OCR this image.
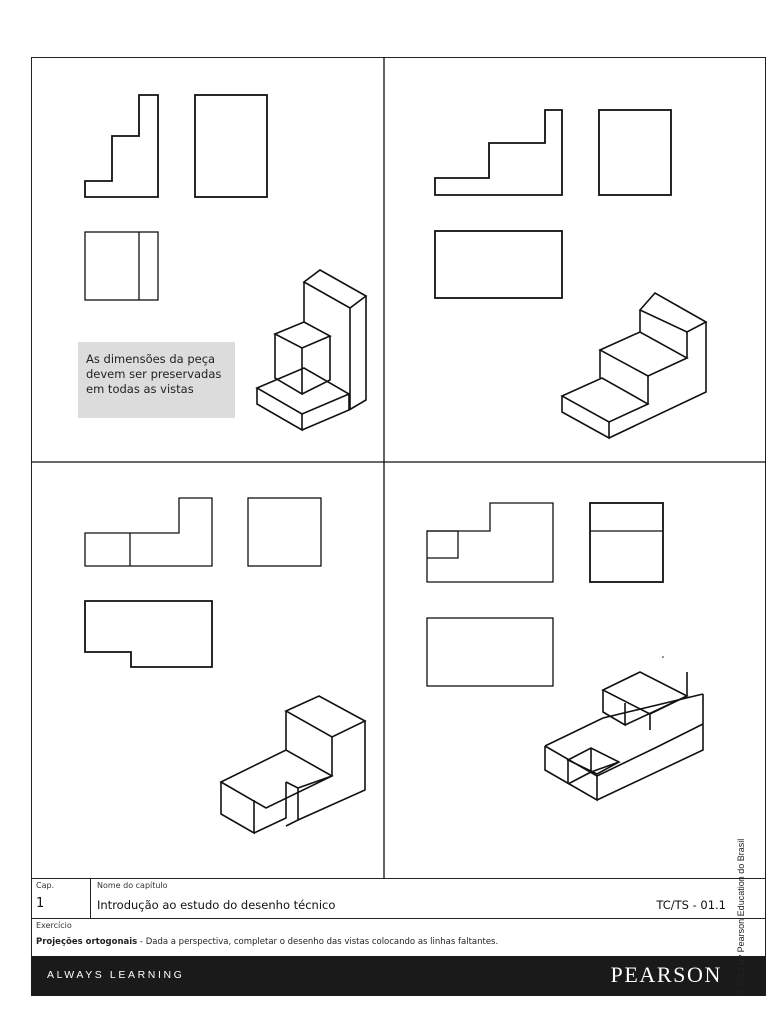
As dimensões da peça
devem ser preservadas
em todas as vistas
Cap.
1
Nome do capítulo
Introdução ao estudo do desenho técnico	TC/TS - 01.1
Exercício
Projeções ortogonais - Dada a perspectiva, completar o desenho das vistas colocando as linhas faltantes.
ALWAYS LEARNING	PEARSON © 2012 by Pearson Education do Brasil
